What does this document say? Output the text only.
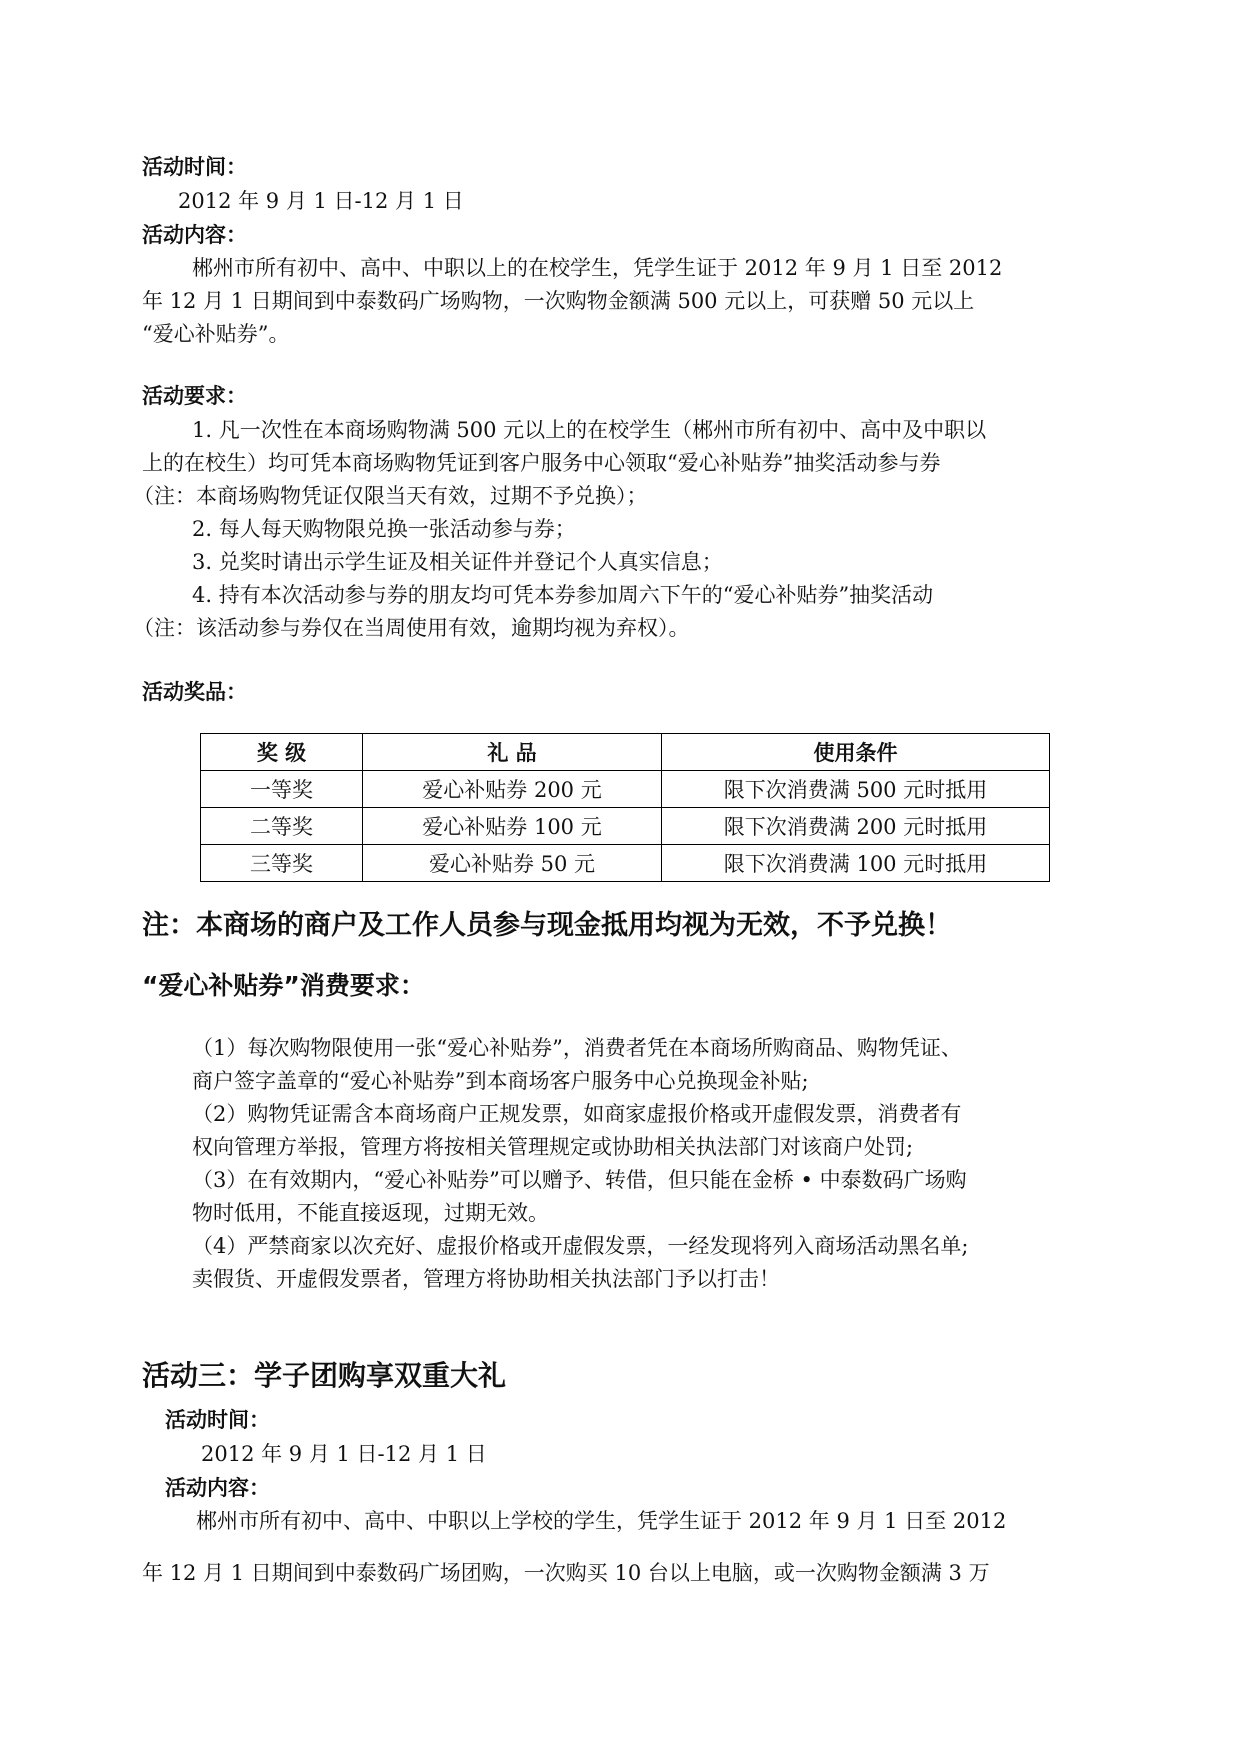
活动时间：
2012 年 9 月 1 日-12 月 1 日
活动内容：
郴州市所有初中、高中、中职以上的在校学生，凭学生证于 2012 年 9 月 1 日至 2012
年 12 月 1 日期间到中泰数码广场购物，一次购物金额满 500 元以上，可获赠 50 元以上
“爱心补贴券”。
活动要求：
1. 凡一次性在本商场购物满 500 元以上的在校学生（郴州市所有初中、高中及中职以
上的在校生）均可凭本商场购物凭证到客户服务中心领取“爱心补贴券”抽奖活动参与券
（注：本商场购物凭证仅限当天有效，过期不予兑换）；
2. 每人每天购物限兑换一张活动参与券；
3. 兑奖时请出示学生证及相关证件并登记个人真实信息；
4. 持有本次活动参与券的朋友均可凭本券参加周六下午的“爱心补贴券”抽奖活动
（注：该活动参与券仅在当周使用有效，逾期均视为弃权）。
活动奖品：
奖 级	礼 品	使用条件
一等奖	爱心补贴券 200 元	限下次消费满 500 元时抵用
二等奖	爱心补贴券 100 元	限下次消费满 200 元时抵用
三等奖	爱心补贴券 50 元	限下次消费满 100 元时抵用
注：本商场的商户及工作人员参与现金抵用均视为无效，不予兑换！
“爱心补贴券”消费要求：
（1）每次购物限使用一张“爱心补贴券”，消费者凭在本商场所购商品、购物凭证、
商户签字盖章的“爱心补贴券”到本商场客户服务中心兑换现金补贴;
（2）购物凭证需含本商场商户正规发票，如商家虚报价格或开虚假发票，消费者有
权向管理方举报，管理方将按相关管理规定或协助相关执法部门对该商户处罚;
（3）在有效期内，“爱心补贴券”可以赠予、转借，但只能在金桥 • 中泰数码广场购
物时低用，不能直接返现，过期无效。
（4）严禁商家以次充好、虚报价格或开虚假发票，一经发现将列入商场活动黑名单;
卖假货、开虚假发票者，管理方将协助相关执法部门予以打击！
活动三：学子团购享双重大礼
活动时间：
2012 年 9 月 1 日-12 月 1 日
活动内容：
郴州市所有初中、高中、中职以上学校的学生，凭学生证于 2012 年 9 月 1 日至 2012
年 12 月 1 日期间到中泰数码广场团购，一次购买 10 台以上电脑，或一次购物金额满 3 万
